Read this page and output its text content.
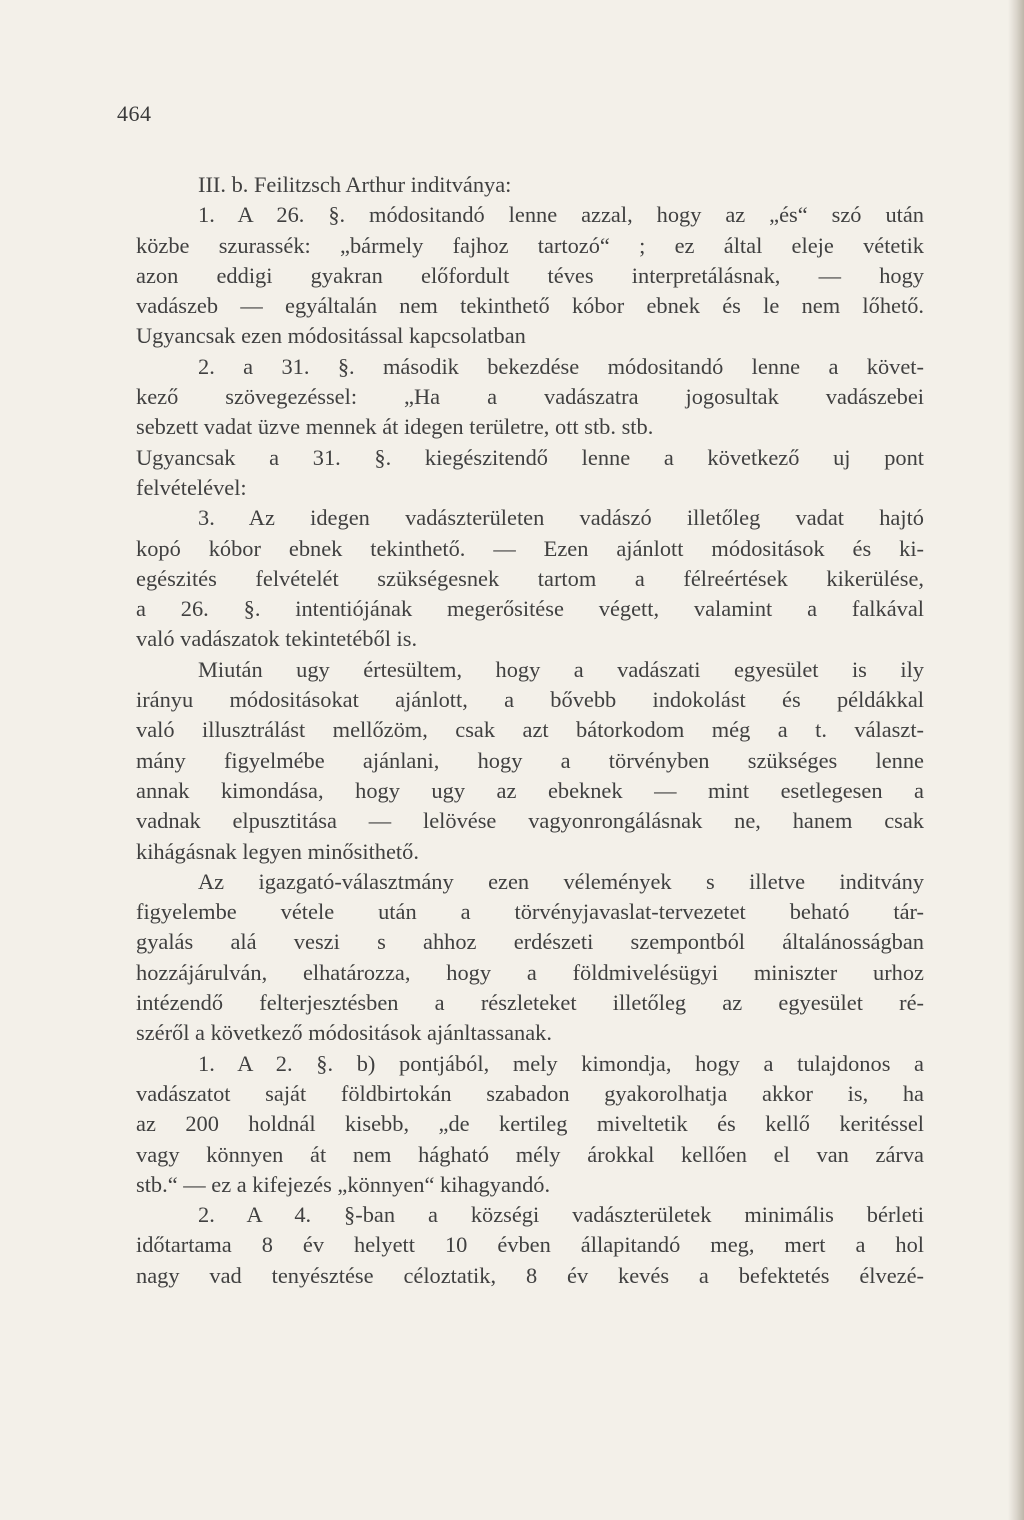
464
III. b. Feilitzsch Arthur inditványa:
1. A 26. §. módositandó lenne azzal, hogy az „és“ szó után
közbe szurassék: „bármely fajhoz tartozó“ ; ez által eleje vétetik
azon eddigi gyakran előfordult téves interpretálásnak, — hogy
vadászeb — egyáltalán nem tekinthető kóbor ebnek és le nem lőhető.
Ugyancsak ezen módositással kapcsolatban
2. a 31. §. második bekezdése módositandó lenne a követ-
kező szövegezéssel: „Ha a vadászatra jogosultak vadászebei
sebzett vadat üzve mennek át idegen területre, ott stb. stb.
Ugyancsak a 31. §. kiegészitendő lenne a következő uj pont
felvételével:
3. Az idegen vadászterületen vadászó illetőleg vadat hajtó
kopó kóbor ebnek tekinthető. — Ezen ajánlott módositások és ki-
egészités felvételét szükségesnek tartom a félreértések kikerülése,
a 26. §. intentiójának megerősitése végett, valamint a falkával
való vadászatok tekintetéből is.
Miután ugy értesültem, hogy a vadászati egyesület is ily
irányu módositásokat ajánlott, a bővebb indokolást és példákkal
való illusztrálást mellőzöm, csak azt bátorkodom még a t. választ-
mány figyelmébe ajánlani, hogy a törvényben szükséges lenne
annak kimondása, hogy ugy az ebeknek — mint esetlegesen a
vadnak elpusztitása — lelövése vagyonrongálásnak ne, hanem csak
kihágásnak legyen minősithető.
Az igazgató-választmány ezen vélemények s illetve inditvány
figyelembe vétele után a törvényjavaslat-tervezetet beható tár-
gyalás alá veszi s ahhoz erdészeti szempontból általánosságban
hozzájárulván, elhatározza, hogy a földmivelésügyi miniszter urhoz
intézendő felterjesztésben a részleteket illetőleg az egyesület ré-
széről a következő módositások ajánltassanak.
1. A 2. §. b) pontjából, mely kimondja, hogy a tulajdonos a
vadászatot saját földbirtokán szabadon gyakorolhatja akkor is, ha
az 200 holdnál kisebb, „de kertileg miveltetik és kellő keritéssel
vagy könnyen át nem hágható mély árokkal kellően el van zárva
stb.“ — ez a kifejezés „könnyen“ kihagyandó.
2. A 4. §-ban a községi vadászterületek minimális bérleti
időtartama 8 év helyett 10 évben állapitandó meg, mert a hol
nagy vad tenyésztése céloztatik, 8 év kevés a befektetés élvezé-
